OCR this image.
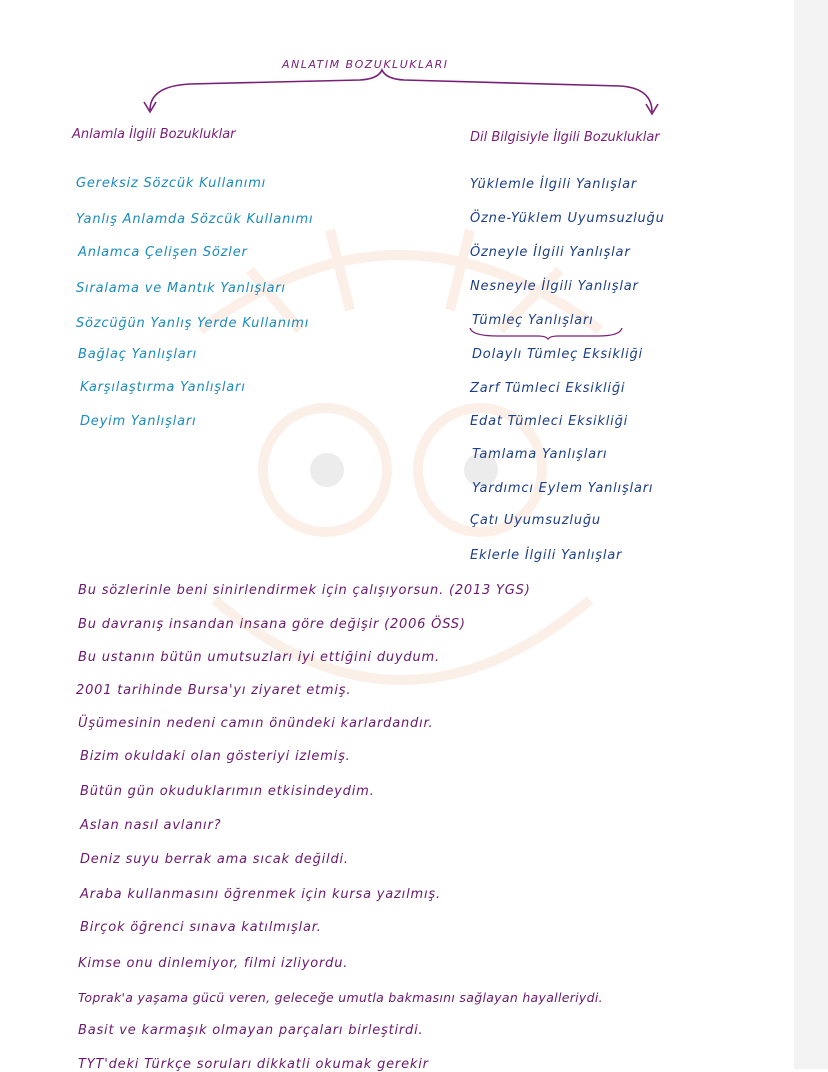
ANLATIM BOZUKLUKLARI
Anlamla İlgili Bozukluklar	Dil Bilgisiyle İlgili Bozukluklar
Gereksiz Sözcük Kullanımı
Yanlış Anlamda Sözcük Kullanımı
Anlamca Çelişen Sözler
Sıralama ve Mantık Yanlışları
Sözcüğün Yanlış Yerde Kullanımı
Bağlaç Yanlışları
Karşılaştırma Yanlışları
Deyim Yanlışları
Yüklemle İlgili Yanlışlar
Özne-Yüklem Uyumsuzluğu
Özneyle İlgili Yanlışlar
Nesneyle İlgili Yanlışlar
Tümleç Yanlışları
Dolaylı Tümleç Eksikliği
Zarf Tümleci Eksikliği
Edat Tümleci Eksikliği
Tamlama Yanlışları
Yardımcı Eylem Yanlışları
Çatı Uyumsuzluğu
Eklerle İlgili Yanlışlar
Bu sözlerinle beni sinirlendirmek için çalışıyorsun. (2013 YGS)
Bu davranış insandan insana göre değişir (2006 ÖSS)
Bu ustanın bütün umutsuzları iyi ettiğini duydum.
2001 tarihinde Bursa'yı ziyaret etmiş.
Üşümesinin nedeni camın önündeki karlardandır.
Bizim okuldaki olan gösteriyi izlemiş.
Bütün gün okuduklarımın etkisindeydim.
Aslan nasıl avlanır?
Deniz suyu berrak ama sıcak değildi.
Araba kullanmasını öğrenmek için kursa yazılmış.
Birçok öğrenci sınava katılmışlar.
Kimse onu dinlemiyor, filmi izliyordu.
Toprak'a yaşama gücü veren, geleceğe umutla bakmasını sağlayan hayalleriydi.
Basit ve karmaşık olmayan parçaları birleştirdi.
TYT'deki Türkçe soruları dikkatli okumak gerekir
